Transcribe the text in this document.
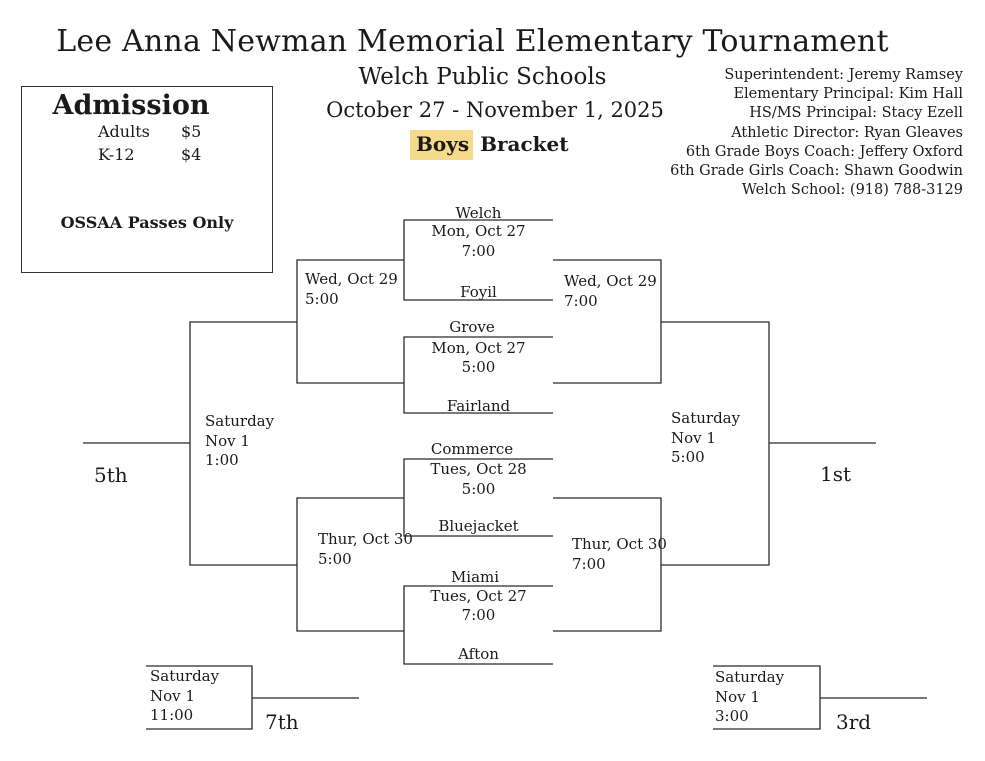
Lee Anna Newman Memorial Elementary Tournament
Welch Public Schools
October 27 - November 1, 2025
Boys Bracket
Superintendent: Jeremy Ramsey
Elementary Principal: Kim Hall
HS/MS Principal: Stacy Ezell
Athletic Director: Ryan Gleaves
6th Grade Boys Coach: Jeffery Oxford
6th Grade Girls Coach: Shawn Goodwin
Welch School: (918) 788-3129
Admission
Adults $5
K-12	$4
OSSAA Passes Only	Welch
Mon, Oct 27
7:00
Foyil
Grove
Mon, Oct 27
5:00
Fairland
Commerce
Tues, Oct 28
5:00
Bluejacket
Miami
Tues, Oct 27
7:00
Afton
Wed, Oct 29
5:00
Wed, Oct 29
7:00
Thur, Oct 30
5:00
Thur, Oct 30
7:00
Saturday
Nov 1
1:00
5th
Saturday
Nov 1
5:00
1st
Saturday
Nov 1
11:00	7th
Saturday
Nov 1
3:00	3rd
